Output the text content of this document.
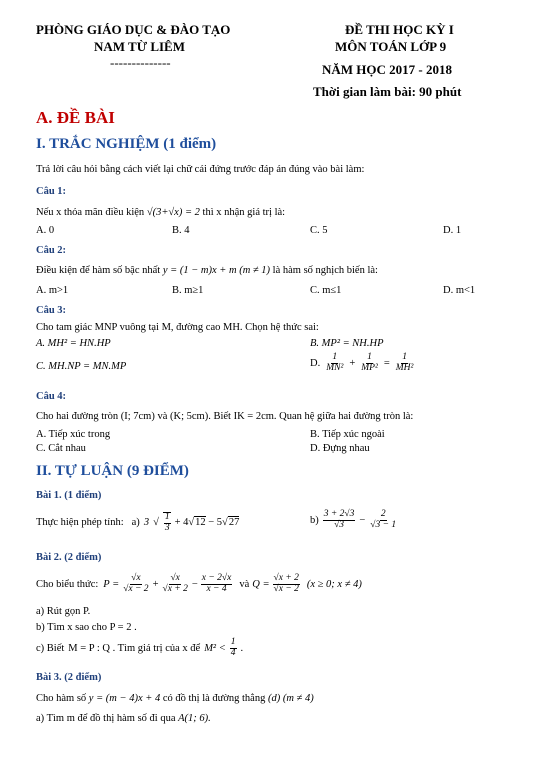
PHÒNG GIÁO DỤC & ĐÀO TẠO
NAM TỪ LIÊM
--------------
ĐỀ THI HỌC KỲ I
MÔN TOÁN LỚP 9
NĂM HỌC 2017 - 2018
Thời gian làm bài: 90 phút
A. ĐỀ BÀI
I. TRẮC NGHIỆM (1 điểm)
Trả lời câu hỏi bằng cách viết lại chữ cái đứng trước đáp án đúng vào bài làm:
Câu 1:
Nếu x thỏa mãn điều kiện √(3+√x) = 2 thì x nhận giá trị là:
A. 0	B. 4	C. 5	D. 1
Câu 2:
Điều kiện để hàm số bậc nhất y = (1 − m)x + m (m ≠ 1) là hàm số nghịch biến là:
A. m>1	B. m≥1	C. m≤1	D. m<1
Câu 3:
Cho tam giác MNP vuông tại M, đường cao MH. Chọn hệ thức sai:
A. MH² = HN.HP	B. MP² = NH.HP
C. MH.NP = MN.MP	D. $\frac{1}{\text{MN²}} + \frac{1}{\text{MP²}} = \frac{1}{\text{MH²}}$
Câu 4:
Cho hai đường tròn (I; 7cm) và (K; 5cm). Biết IK = 2cm. Quan hệ giữa hai đường tròn là:
A. Tiếp xúc trong	B. Tiếp xúc ngoài
C. Cắt nhau	D. Đựng nhau
II. TỰ LUẬN (9 ĐIỂM)
Bài 1. (1 điểm)
Thực hiện phép tính: a) 3 √ $\frac{1}{3} + 4√12 - 5√27$	$b) \frac{3 + 2√3}{√3} - \frac{2}{√3 - 1}$
Bài 2. (2 điểm)
Cho biểu thức: $P = \frac{√x}{√x - 2} + \frac{√x}{√x + 2} - \frac{x - 2√x}{x - 4}$ và $Q = \frac{√x + 2}{√x - 2} (x \ge 0$; x ≠ 4)
a) Rút gọn P.
b) Tìm x sao cho P = 2 .
c) Biết M = P : Q . Tìm giá trị của x để $M^2 < \frac{1}{4}$ .
Bài 3. (2 điểm)
Cho hàm số y = (m − 4)x + 4 có đồ thị là đường thẳng (d) (m ≠ 4)
a) Tìm m để đồ thị hàm số đi qua A(1; 6).
